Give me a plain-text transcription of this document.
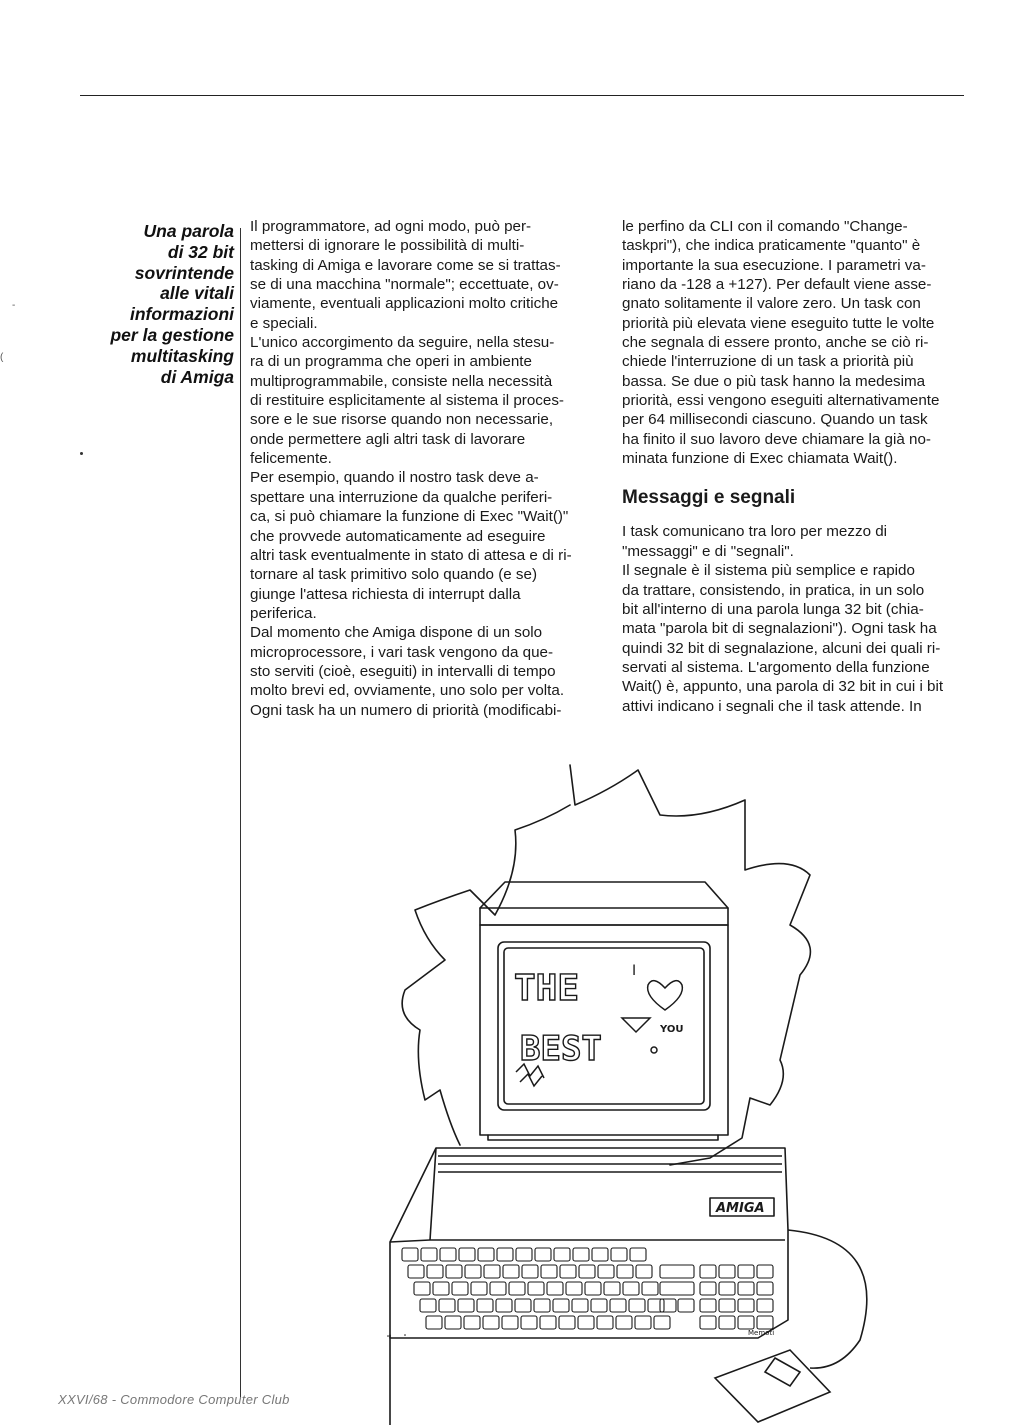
-
(
Una parola
di 32 bit
sovrintende
alle vitali
informazioni
per la gestione
multitasking
di Amiga
Il programmatore, ad ogni modo, può per-
mettersi di ignorare le possibilità di multi-
tasking di Amiga e lavorare come se si trattas-
se di una macchina "normale"; eccettuate, ov-
viamente, eventuali applicazioni molto critiche
e speciali.
L'unico accorgimento da seguire, nella stesu-
ra di un programma che operi in ambiente
multiprogrammabile, consiste nella necessità
di restituire esplicitamente al sistema il proces-
sore e le sue risorse quando non necessarie,
onde permettere agli altri task di lavorare
felicemente.
Per esempio, quando il nostro task deve a-
spettare una interruzione da qualche periferi-
ca, si può chiamare la funzione di Exec "Wait()"
che provvede automaticamente ad eseguire
altri task eventualmente in stato di attesa e di ri-
tornare al task primitivo solo quando (e se)
giunge l'attesa richiesta di interrupt dalla
periferica.
Dal momento che Amiga dispone di un solo
microprocessore, i vari task vengono da que-
sto serviti (cioè, eseguiti) in intervalli di tempo
molto brevi ed, ovviamente, uno solo per volta.
Ogni task ha un numero di priorità (modificabi-
le perfino da CLI con il comando "Change-
taskpri"), che indica praticamente "quanto" è
importante la sua esecuzione. I parametri va-
riano da -128 a +127). Per default viene asse-
gnato solitamente il valore zero. Un task con
priorità più elevata viene eseguito tutte le volte
che segnala di essere pronto, anche se ciò ri-
chiede l'interruzione di un task a priorità più
bassa. Se due o più task hanno la medesima
priorità, essi vengono eseguiti alternativamente
per 64 millisecondi ciascuno. Quando un task
ha finito il suo lavoro deve chiamare la già no-
minata funzione di Exec chiamata Wait().
Messaggi e segnali
I task comunicano tra loro per mezzo di
"messaggi" e di "segnali".
Il segnale è il sistema più semplice e rapido
da trattare, consistendo, in pratica, in un solo
bit all'interno di una parola lunga 32 bit (chia-
mata "parola bit di segnalazioni"). Ogni task ha
quindi 32 bit di segnalazione, alcuni dei quali ri-
servati al sistema. L'argomento della funzione
Wait() è, appunto, una parola di 32 bit in cui i bit
attivi indicano i segnali che il task attende. In
THE
BEST
I
YOU
AMIGA
Memoti
XXVI/68 - Commodore Computer Club
